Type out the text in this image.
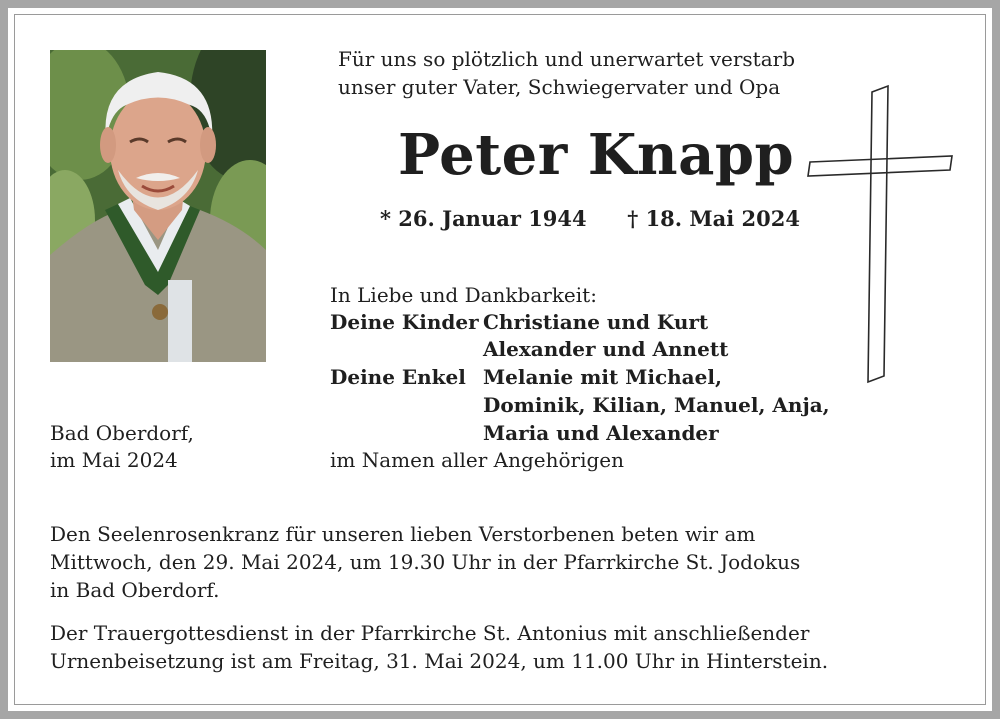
Für uns so plötzlich und unerwartet verstarb
unser guter Vater, Schwiegervater und Opa
Peter Knapp
* 26. Januar 1944 † 18. Mai 2024
In Liebe und Dankbarkeit:
Deine Kinder Christiane und Kurt
Alexander und Annett
Deine Enkel Melanie mit Michael,
Dominik, Kilian, Manuel, Anja,
Maria und Alexander
im Namen aller Angehörigen
Bad Oberdorf,
im Mai 2024
Den Seelenrosenkranz für unseren lieben Verstorbenen beten wir am
Mittwoch, den 29. Mai 2024, um 19.30 Uhr in der Pfarrkirche St. Jodokus
in Bad Oberdorf.
Der Trauergottesdienst in der Pfarrkirche St. Antonius mit anschließender
Urnenbeisetzung ist am Freitag, 31. Mai 2024, um 11.00 Uhr in Hinterstein.
